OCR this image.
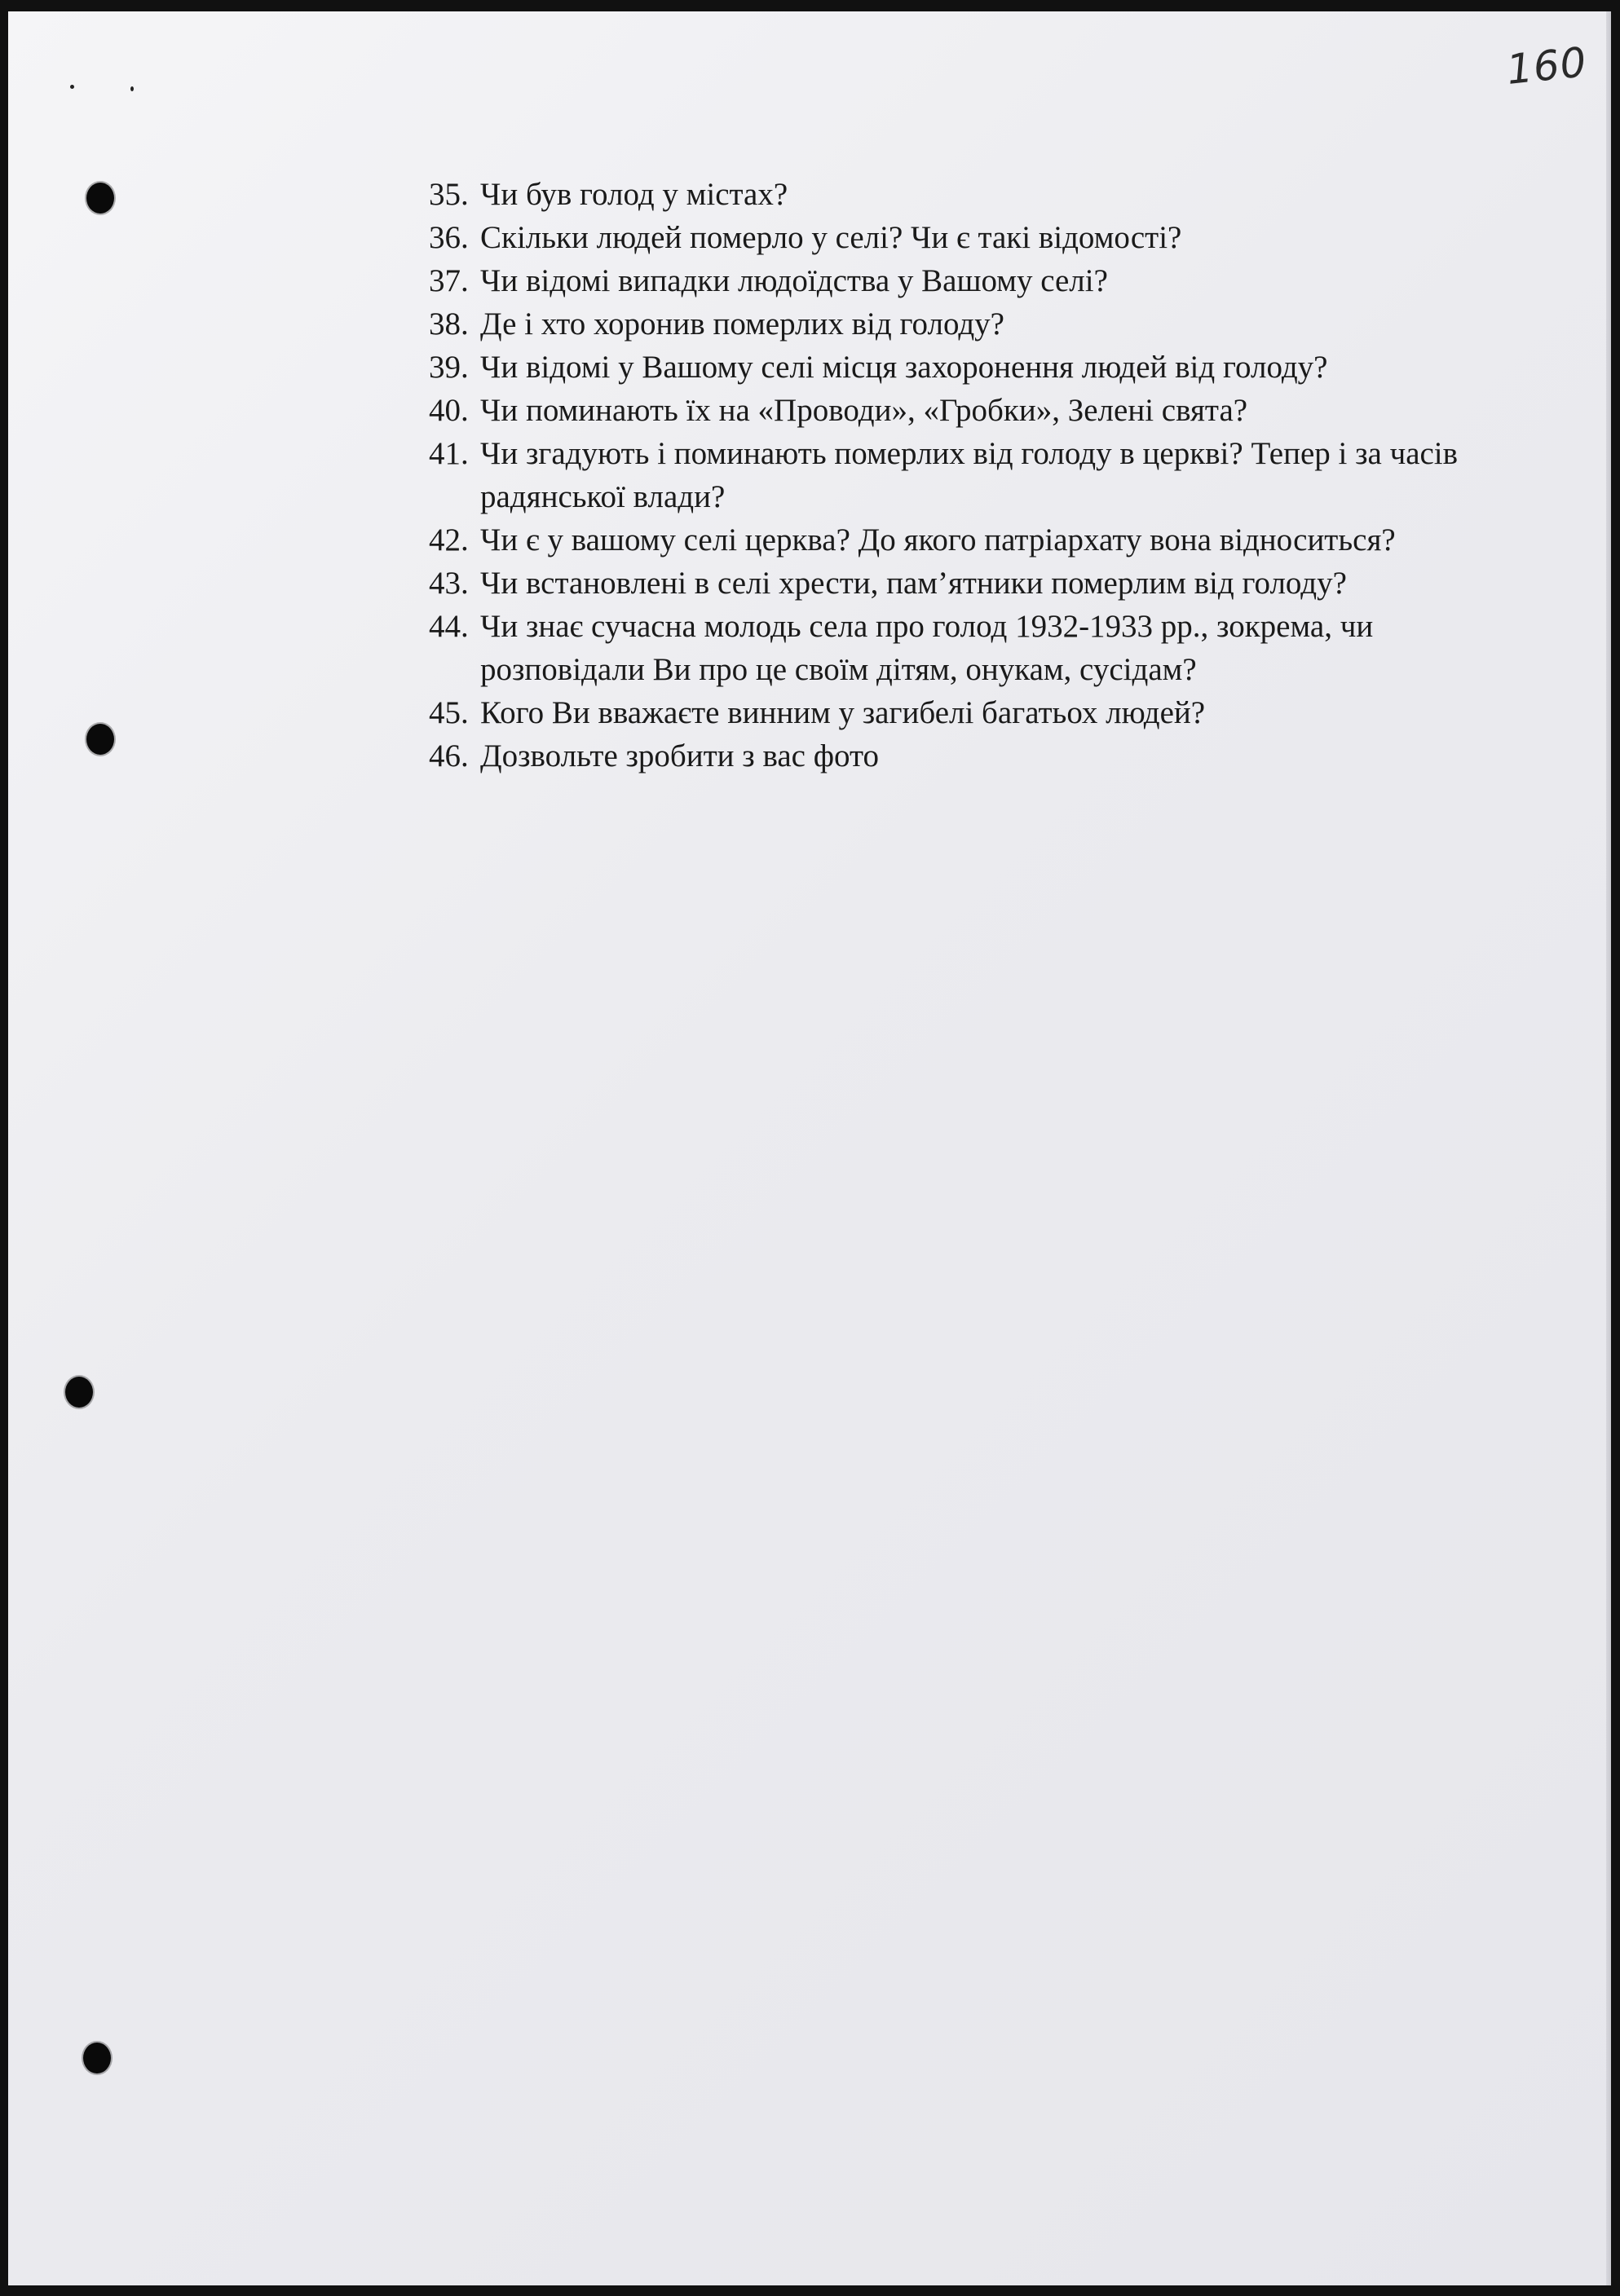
160
35. Чи був голод у містах?
36. Скільки людей померло у селі? Чи є такі відомості?
37. Чи відомі випадки людоїдства у Вашому селі?
38. Де і хто хоронив померлих від голоду?
39. Чи відомі у Вашому селі місця захоронення людей від голоду?
40. Чи поминають їх на «Проводи», «Гробки», Зелені свята?
41. Чи згадують і поминають померлих від голоду в церкві? Тепер і за часів радянської влади?
42. Чи є у вашому селі церква? До якого патріархату вона відноситься?
43. Чи встановлені в селі хрести, пам’ятники померлим від голоду?
44. Чи знає сучасна молодь села про голод 1932-1933 рр., зокрема, чи розповідали Ви про це своїм дітям, онукам, сусідам?
45. Кого Ви вважаєте винним у загибелі багатьох людей?
46. Дозвольте зробити з вас фото
